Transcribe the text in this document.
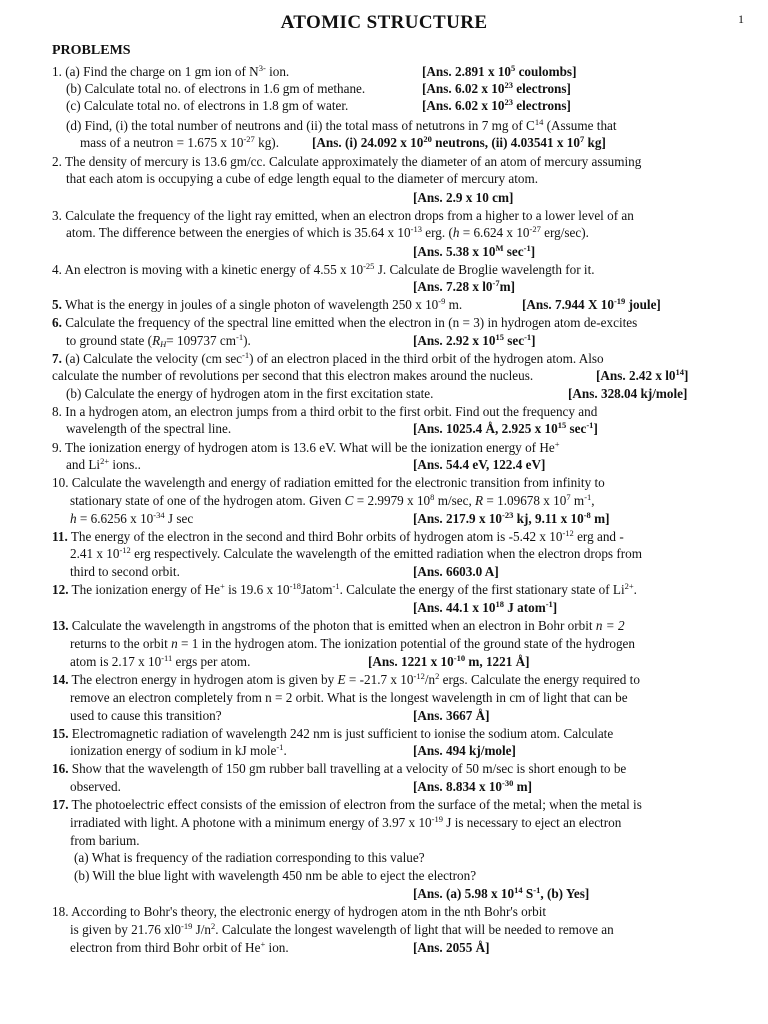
ATOMIC STRUCTURE	1
PROBLEMS
1. (a) Find the charge on 1 gm ion of $N^{3-}$ ion.	[Ans. 2.891 x $10^5$ coulombs]
(b) Calculate total no. of electrons in 1.6 gm of methane.	[Ans. 6.02 x $10^{23}$ electrons]
(c) Calculate total no. of electrons in 1.8 gm of water.	[Ans. 6.02 x $10^{23}$ electrons]
(d) Find, (i) the total number of neutrons and (ii) the total mass of netutrons in 7 mg of $C^{14}$ (Assume that
mass of a neutron = 1.675 x $10^{-27}$ kg).	[Ans. (i) 24.092 x $10^{20}$ neutrons, (ii) 4.03541 x $10^7$ kg]
2. The density of mercury is 13.6 gm/cc. Calculate approximately the diameter of an atom of mercury assuming
that each atom is occupying a cube of edge length equal to the diameter of mercury atom.
[Ans. 2.9 x 10 cm]
3. Calculate the frequency of the light ray emitted, when an electron drops from a higher to a lower level of an
atom. The difference between the energies of which is 35.64 x $10^{-13}$ erg. (h = 6.624 x $10^{-27}$ erg/sec).
[Ans. 5.38 x $10^M$ $\sec^{-1}$]
4. An electron is moving with a kinetic energy of 4.55 x $10^{-25}$ J. Calculate de Broglie wavelength for it.
[Ans. 7.28 x $l0^{-7}m$]
5. What is the energy in joules of a single photon of wavelength 250 x $10^{-9}$ m.	[Ans. 7.944 X $10^{-19}$ joule]
6. Calculate the frequency of the spectral line emitted when the electron in (n = 3) in hydrogen atom de-excites
to ground state ($R_H= 109737$ $cm^{-1}$).	[Ans. 2.92 x $10^{15}$ $\sec^{-1}$]
7. (a) Calculate the velocity (cm $\sec^{-1}$) of an electron placed in the third orbit of the hydrogen atom. Also
calculate the number of revolutions per second that this electron makes around the nucleus.	[Ans. 2.42 x $l0^{14}$]
(b) Calculate the energy of hydrogen atom in the first excitation state.	[Ans. 328.04 kj/mole]
8. In a hydrogen atom, an electron jumps from a third orbit to the first orbit. Find out the frequency and
wavelength of the spectral line.	[Ans. 1025.4 Å, 2.925 x $10^{15}$ $\sec^{-1}$]
9. The ionization energy of hydrogen atom is 13.6 eV. What will be the ionization energy of He+
and $Li^{2+}$ ions..	[Ans. 54.4 eV, 122.4 eV]
10. Calculate the wavelength and energy of radiation emitted for the electronic transition from infinity to
stationary state of one of the hydrogen atom. Given C = 2.9979 x $10^8$ m/sec, R = 1.09678 x $10^7$ $m^{-1}$,
h = 6.6256 x $10^{-34}$ J sec	[Ans. 217.9 x $10^{-23}$ kj, 9.11 x $10^{-8}$ m]
11. The energy of the electron in the second and third Bohr orbits of hydrogen atom is -5.42 x $10^{-12}$ erg and -
2.41 x $10^{-12}$ erg respectively. Calculate the wavelength of the emitted radiation when the electron drops from
third to second orbit.	[Ans. 6603.0 A]
12. The ionization energy of He+ is 19.6 x $10^{-18}Jatom^{-1}$. Calculate the energy of the first stationary state of $Li^{2+}$.
[Ans. 44.1 x $10^{18}$ J atom$^{-1}$]
13. Calculate the wavelength in angstroms of the photon that is emitted when an electron in Bohr orbit n = 2
returns to the orbit n = 1 in the hydrogen atom. The ionization potential of the ground state of the hydrogen
atom is 2.17 x $10^{-11}$ ergs per atom.	[Ans. 1221 x $10^{-10}$ m, 1221 Å]
14. The electron energy in hydrogen atom is given by E = -21.7 x $10^{-12}/n^2$ ergs. Calculate the energy required to
remove an electron completely from n = 2 orbit. What is the longest wavelength in cm of light that can be
used to cause this transition?	[Ans. 3667 Å]
15. Electromagnetic radiation of wavelength 242 nm is just sufficient to ionise the sodium atom. Calculate
ionization energy of sodium in kJ mole$^{-1}$.	[Ans. 494 kj/mole]
16. Show that the wavelength of 150 gm rubber ball travelling at a velocity of 50 m/sec is short enough to be
observed.	[Ans. 8.834 x $10^{-30}$ m]
17. The photoelectric effect consists of the emission of electron from the surface of the metal; when the metal is
irradiated with light. A photone with a minimum energy of 3.97 x $10^{-19}$ J is necessary to eject an electron
from barium.
(a) What is frequency of the radiation corresponding to this value?
(b) Will the blue light with wavelength 450 nm be able to eject the electron?
[Ans. (a) 5.98 x $10^{14}$ $S^{-1}$, (b) Yes]
18. According to Bohr's theory, the electronic energy of hydrogen atom in the nth Bohr's orbit
is given by 21.76 $xl0^{-19}$ $J/n^2$. Calculate the longest wavelength of light that will be needed to remove an
electron from third Bohr orbit of He+ ion.	[Ans. 2055 Å]
